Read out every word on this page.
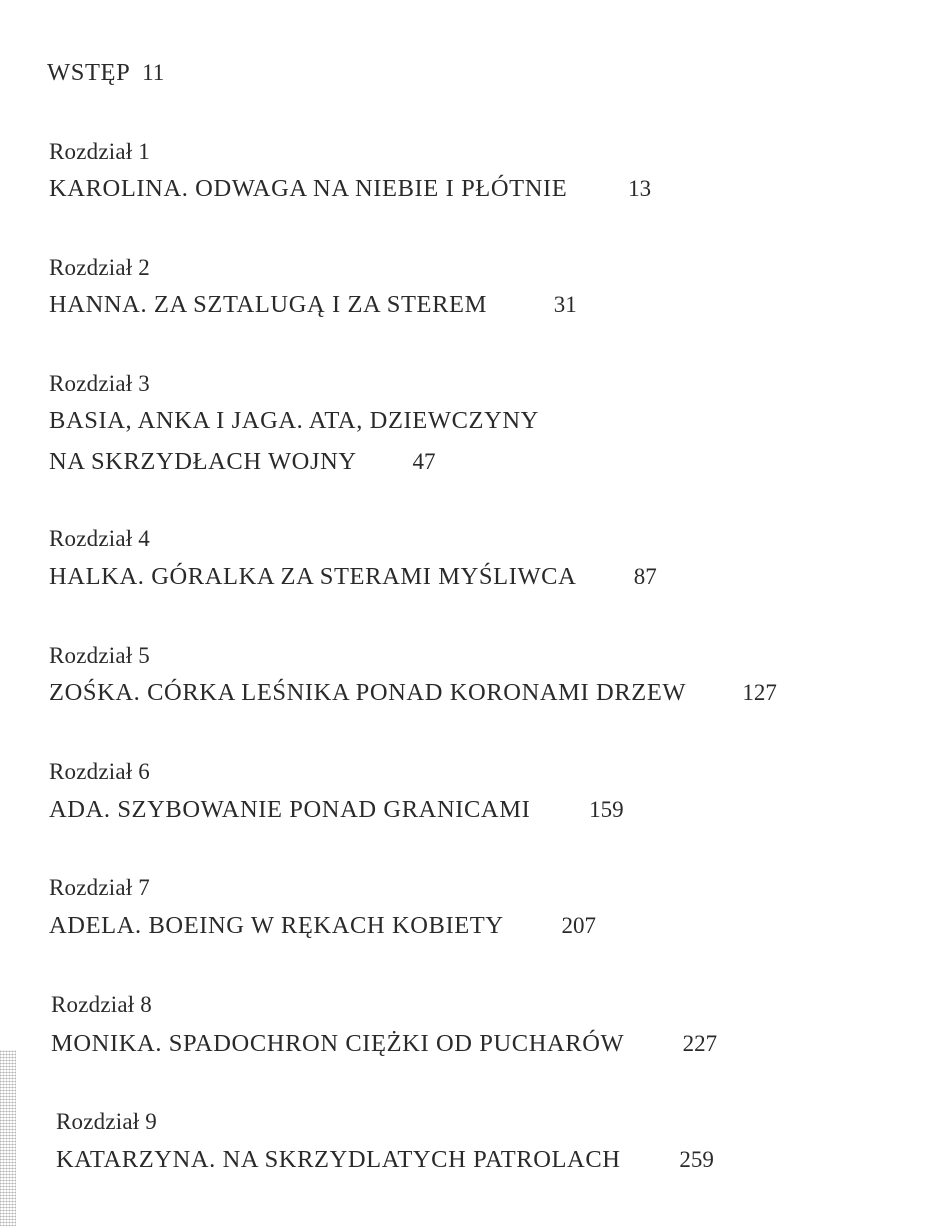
WSTĘP 11
Rozdział 1
KAROLINA. ODWAGA NA NIEBIE I PŁÓTNIE	13
Rozdział 2
HANNA. ZA SZTALUGĄ I ZA STEREM	31
Rozdział 3
BASIA, ANKA I JAGA. ATA, DZIEWCZYNY
NA SKRZYDŁACH WOJNY 47
Rozdział 4
HALKA. GÓRALKA ZA STERAMI MYŚLIWCA	87
Rozdział 5
ZOŚKA. CÓRKA LEŚNIKA PONAD KORONAMI DRZEW 127
Rozdział 6
ADA. SZYBOWANIE PONAD GRANICAMI	159
Rozdział 7
ADELA. BOEING W RĘKACH KOBIETY	207
Rozdział 8
MONIKA. SPADOCHRON CIĘŻKI OD PUCHARÓW	227
Rozdział 9
KATARZYNA. NA SKRZYDLATYCH PATROLACH	259
